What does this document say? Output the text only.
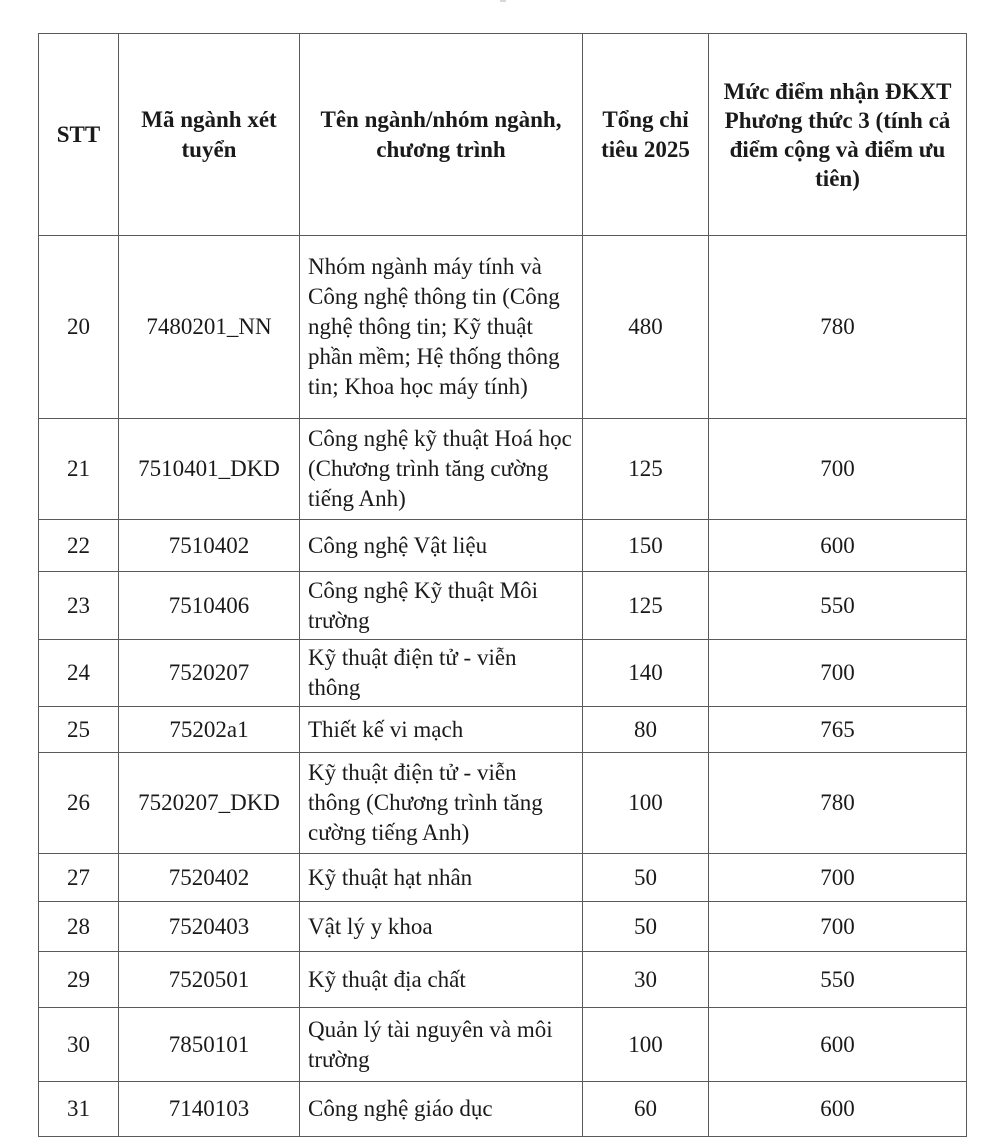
STT	Mã ngành xét tuyển	Tên ngành/nhóm ngành, chương trình	Tổng chỉ tiêu 2025	Mức điểm nhận ĐKXT Phương thức 3 (tính cả điểm cộng và điểm ưu tiên)
20	7480201_NN	Nhóm ngành máy tính và Công nghệ thông tin (Công nghệ thông tin; Kỹ thuật phần mềm; Hệ thống thông tin; Khoa học máy tính)	480	780
21	7510401_DKD	Công nghệ kỹ thuật Hoá học (Chương trình tăng cường tiếng Anh)	125	700
22	7510402	Công nghệ Vật liệu	150	600
23	7510406	Công nghệ Kỹ thuật Môi trường	125	550
24	7520207	Kỹ thuật điện tử - viễn thông	140	700
25	75202a1	Thiết kế vi mạch	80	765
26	7520207_DKD	Kỹ thuật điện tử - viễn thông (Chương trình tăng cường tiếng Anh)	100	780
27	7520402	Kỹ thuật hạt nhân	50	700
28	7520403	Vật lý y khoa	50	700
29	7520501	Kỹ thuật địa chất	30	550
30	7850101	Quản lý tài nguyên và môi trường	100	600
31	7140103	Công nghệ giáo dục	60	600
